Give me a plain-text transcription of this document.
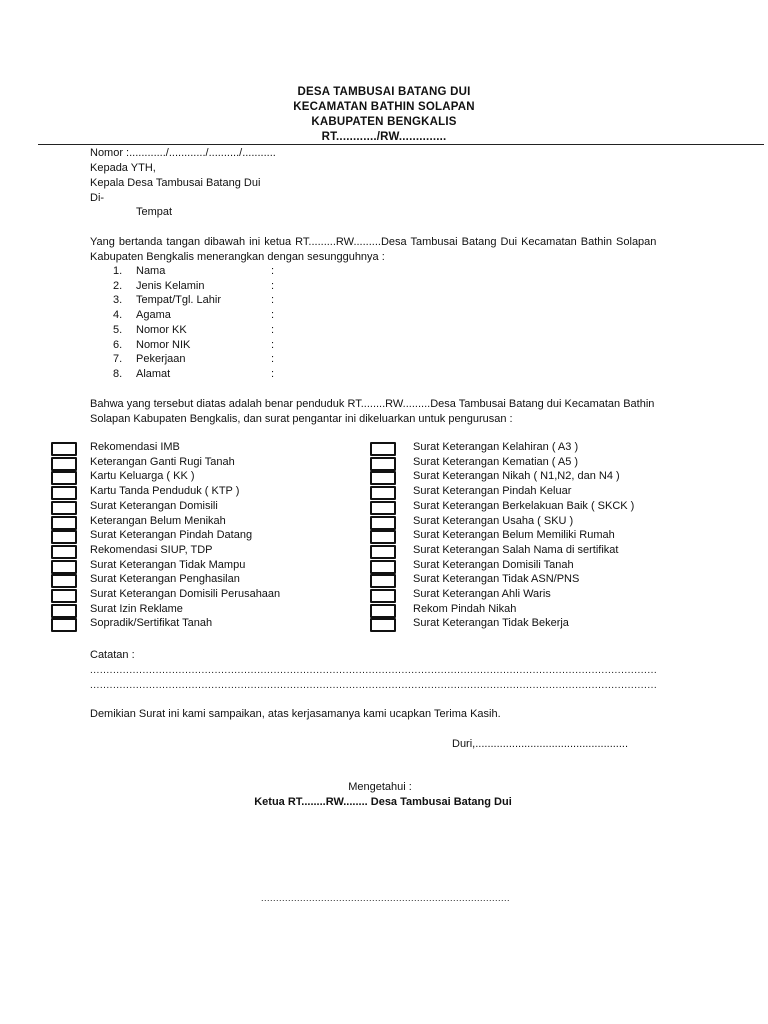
DESA TAMBUSAI BATANG DUI
KECAMATAN BATHIN SOLAPAN
KABUPATEN BENGKALIS
RT............/RW..............
Nomor :............/............/........../...........
Kepada YTH,
Kepala Desa Tambusai Batang Dui
Di-
Tempat
Yang bertanda tangan dibawah ini ketua RT.........RW.........Desa Tambusai Batang Dui Kecamatan Bathin Solapan
Kabupaten Bengkalis menerangkan dengan sesungguhnya :
1. Nama	:
2. Jenis Kelamin	:
3. Tempat/Tgl. Lahir	:
4. Agama	:
5. Nomor KK	:
6. Nomor NIK	:
7. Pekerjaan	:
8. Alamat	:
Bahwa yang tersebut diatas adalah benar penduduk RT........RW.........Desa Tambusai Batang dui Kecamatan Bathin
Solapan Kabupaten Bengkalis, dan surat pengantar ini dikeluarkan untuk pengurusan :
Rekomendasi IMB
Keterangan Ganti Rugi Tanah
Kartu Keluarga ( KK )
Kartu Tanda Penduduk ( KTP )
Surat Keterangan Domisili
Keterangan Belum Menikah
Surat Keterangan Pindah Datang
Rekomendasi SIUP, TDP
Surat Keterangan Tidak Mampu
Surat Keterangan Penghasilan
Surat Keterangan Domisili Perusahaan
Surat Izin Reklame
Sopradik/Sertifikat Tanah
Surat Keterangan Kelahiran ( A3 )
Surat Keterangan Kematian ( A5 )
Surat Keterangan Nikah ( N1,N2, dan N4 )
Surat Keterangan Pindah Keluar
Surat Keterangan Berkelakuan Baik ( SKCK )
Surat Keterangan Usaha ( SKU )
Surat Keterangan Belum Memiliki Rumah
Surat Keterangan Salah Nama di sertifikat
Surat Keterangan Domisili Tanah
Surat Keterangan Tidak ASN/PNS
Surat Keterangan Ahli Waris
Rekom Pindah Nikah
Surat Keterangan Tidak Bekerja
Catatan :
.............................................................................................................................................................................
.............................................................................................................................................................................
Demikian Surat ini kami sampaikan, atas kerjasamanya kami ucapkan Terima Kasih.
Duri,..................................................
Mengetahui :
Ketua RT........RW........ Desa Tambusai Batang Dui
...................................................................................
